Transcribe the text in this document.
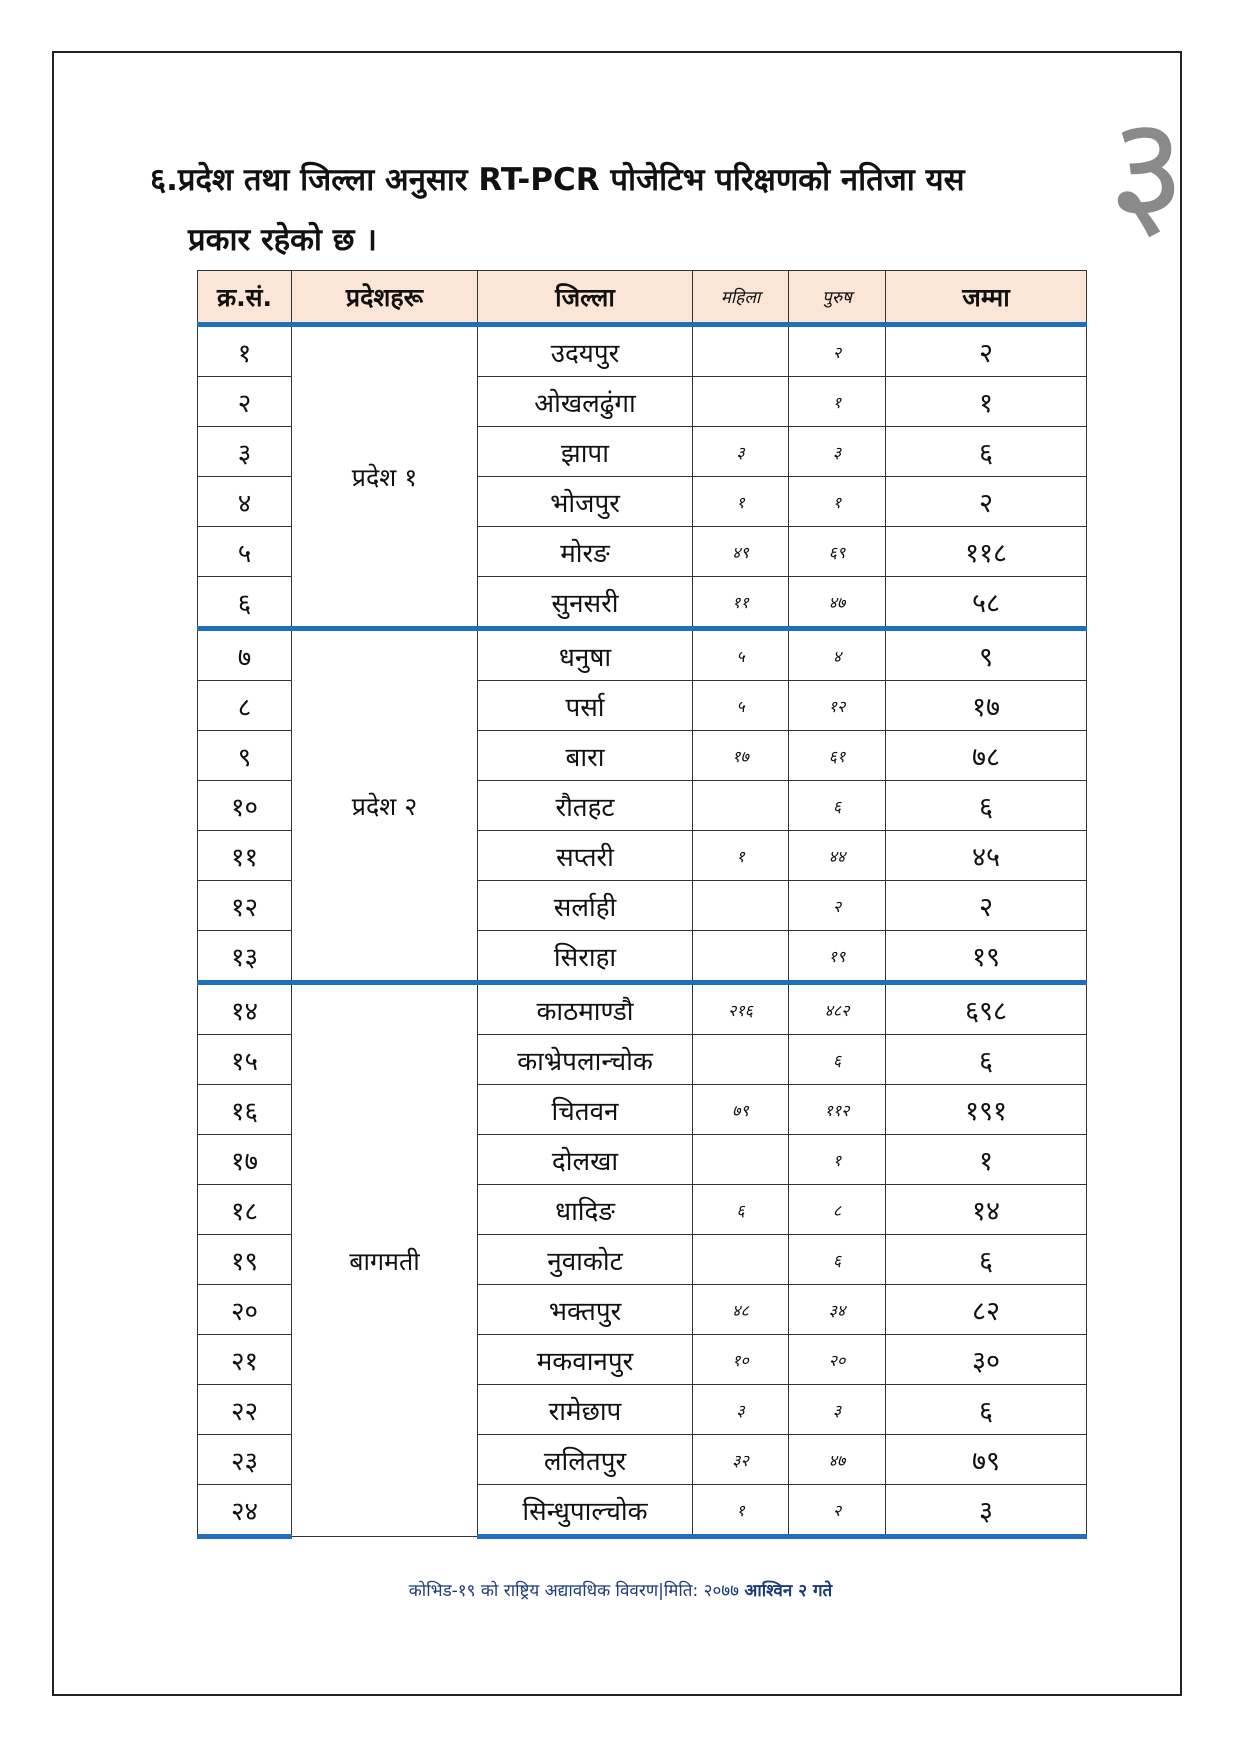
३
६.प्रदेश तथा जिल्ला अनुसार RT-PCR पोजेटिभ परिक्षणको नतिजा यस
प्रकार रहेको छ ।
क्र.सं.	प्रदेशहरू	जिल्ला	महिला	पुरुष	जम्मा
१	प्रदेश १	उदयपुर		२	२
२		ओखलढुंगा		१	१
३		झापा	३	३	६
४		भोजपुर	१	१	२
५		मोरङ	४९	६९	११८
६		सुनसरी	११	४७	५८
७	प्रदेश २	धनुषा	५	४	९
८		पर्सा	५	१२	१७
९		बारा	१७	६१	७८
१०		रौतहट		६	६
११		सप्तरी	१	४४	४५
१२		सर्लाही		२	२
१३		सिराहा		१९	१९
१४	बागमती	काठमाण्डौ	२१६	४८२	६९८
१५		काभ्रेपलान्चोक		६	६
१६		चितवन	७९	११२	१९१
१७		दोलखा		१	१
१८		धादिङ	६	८	१४
१९		नुवाकोट		६	६
२०		भक्तपुर	४८	३४	८२
२१		मकवानपुर	१०	२०	३०
२२		रामेछाप	३	३	६
२३		ललितपुर	३२	४७	७९
२४		सिन्धुपाल्चोक	१	२	३
कोभिड-१९ को राष्ट्रिय अद्यावधिक विवरण|मिति: २०७७ आश्विन २ गते
